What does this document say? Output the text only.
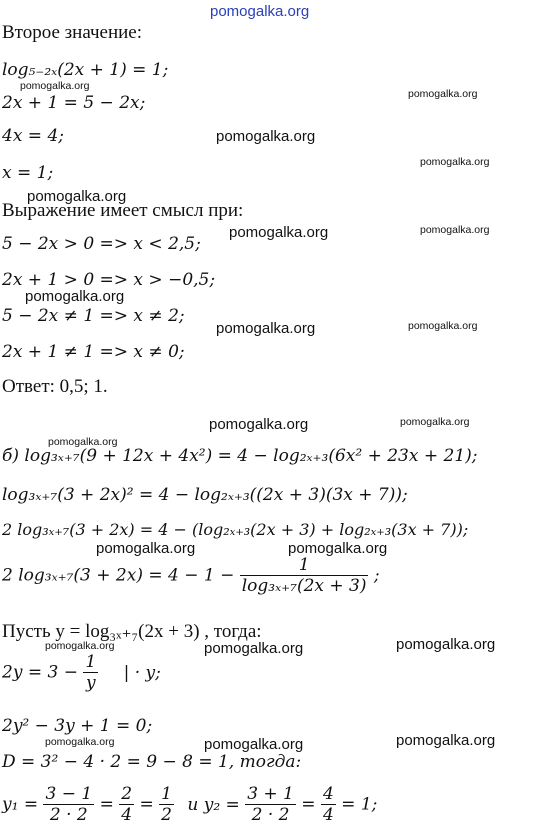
pomogalka.org
pomogalka.org
pomogalka.org
pomogalka.org
pomogalka.org
pomogalka.org
pomogalka.org	pomogalka.org
pomogalka.org
pomogalka.org	pomogalka.org
pomogalka.org	pomogalka.org
pomogalka.org
pomogalka.org	pomogalka.org
pomogalka.org	pomogalka.org	pomogalka.org
pomogalka.org	pomogalka.org	pomogalka.org
Второе значение:
log₅₋₂ₓ(2x + 1) = 1;
2x + 1 = 5 − 2x;
4x = 4;
x = 1;
Выражение имеет смысл при:
5 − 2x > 0 => x < 2,5;
2x + 1 > 0 => x > −0,5;
5 − 2x ≠ 1 => x ≠ 2;
2x + 1 ≠ 1 => x ≠ 0;
Ответ: 0,5; 1.
б) log₃ₓ₊₇(9 + 12x + 4x²) = 4 − log₂ₓ₊₃(6x² + 23x + 21);
log₃ₓ₊₇(3 + 2x)² = 4 − log₂ₓ₊₃((2x + 3)(3x + 7));
2 log₃ₓ₊₇(3 + 2x) = 4 − (log₂ₓ₊₃(2x + 3) + log₂ₓ₊₃(3x + 7));
2 $\log_{3x+7}(3 + 2x) = 4 - 1 - \frac{1}{\text{log₃ₓ₊₇(2x + 3)}}$ ;
Пусть y = log₃ₓ₊₇(2x + 3) , тогда:
$2y = 3 - \frac{1}{y}$ | · y;
2y² − 3y + 1 = 0;
D = 3² − 4 · 2 = 9 − 8 = 1, тогда:
$y_1 = \frac{3 - 1}{2 \cdot 2} = \frac{2}{4} = \frac{1}{2}$ и $y_2 = \frac{3 + 1}{2 \cdot 2} = \frac{4}{4} = 1$;
